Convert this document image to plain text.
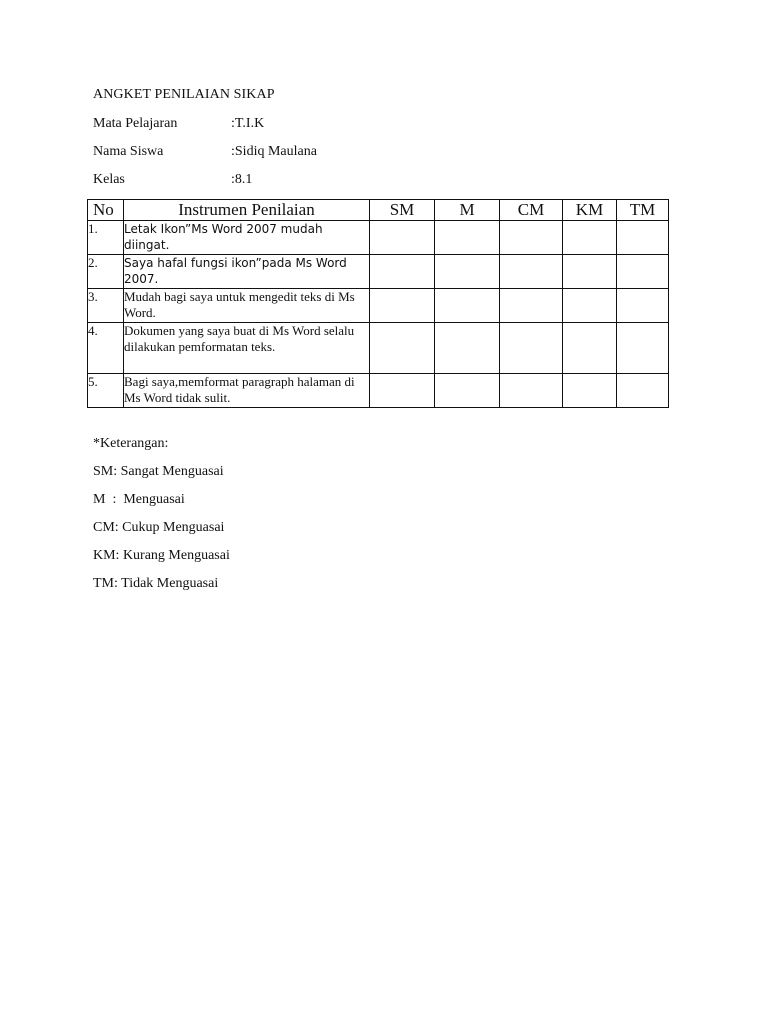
ANGKET PENILAIAN SIKAP
Mata Pelajaran	:T.I.K
Nama Siswa	:Sidiq Maulana
Kelas	:8.1
No	Instrumen Penilaian	SM	M	CM	KM	TM
1.	Letak Ikon”Ms Word 2007 mudah diingat.					
2.	Saya hafal fungsi ikon”pada Ms Word 2007.					
3.	Mudah bagi saya untuk mengedit teks di Ms Word.					
4.	Dokumen yang saya buat di Ms Word selalu dilakukan pemformatan teks.					
5.	Bagi saya,memformat paragraph halaman di Ms Word tidak sulit.					
*Keterangan:
SM: Sangat Menguasai
M  :  Menguasai
CM: Cukup Menguasai
KM: Kurang Menguasai
TM: Tidak Menguasai
